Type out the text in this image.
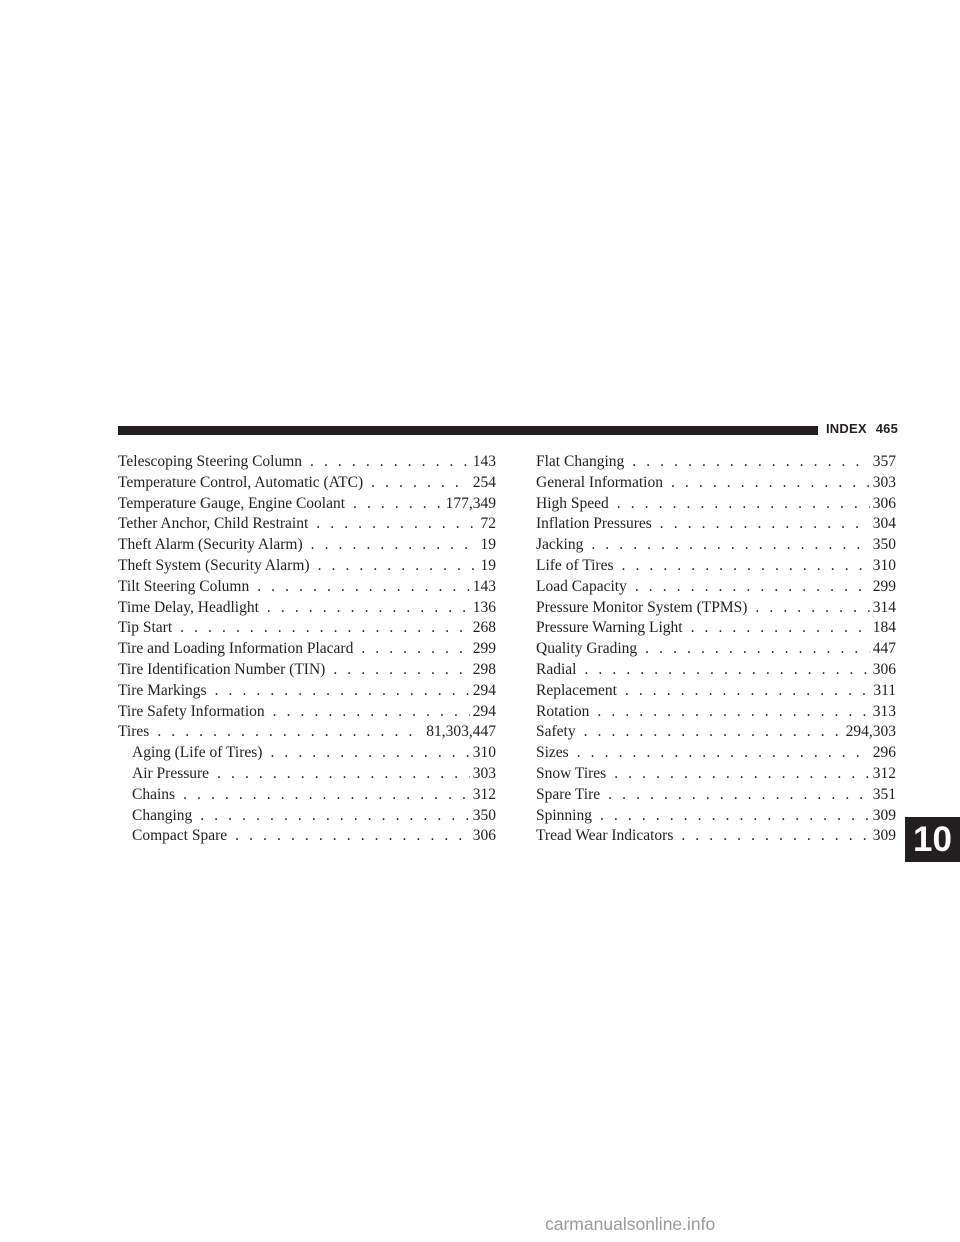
INDEX 465
Telescoping Steering Column . . .	143
Temperature Control, Automatic (ATC) . . .	254
Temperature Gauge, Engine Coolant . . .	177,349
Tether Anchor, Child Restraint . . .	72
Theft Alarm (Security Alarm) . . .	19
Theft System (Security Alarm) . . .	19
Tilt Steering Column . . .	143
Time Delay, Headlight . . .	136
Tip Start . . .	268
Tire and Loading Information Placard . . .	299
Tire Identification Number (TIN) . . .	298
Tire Markings . . .	294
Tire Safety Information . . .	294
Tires . . .	81,303,447
Aging (Life of Tires) . . .	310
Air Pressure . . .	303
Chains . . .	312
Changing . . .	350
Compact Spare . . .	306
Flat Changing . . .	357
General Information . . .	303
High Speed . . .	306
Inflation Pressures . . .	304
Jacking . . .	350
Life of Tires . . .	310
Load Capacity . . .	299
Pressure Monitor System (TPMS) . . .	314
Pressure Warning Light . . .	184
Quality Grading . . .	447
Radial . . .	306
Replacement . . .	311
Rotation . . .	313
Safety . . .	294,303
Sizes . . .	296
Snow Tires . . .	312
Spare Tire . . .	351
Spinning . . .	309
Tread Wear Indicators . . .	309 10
carmanualsonline.info
